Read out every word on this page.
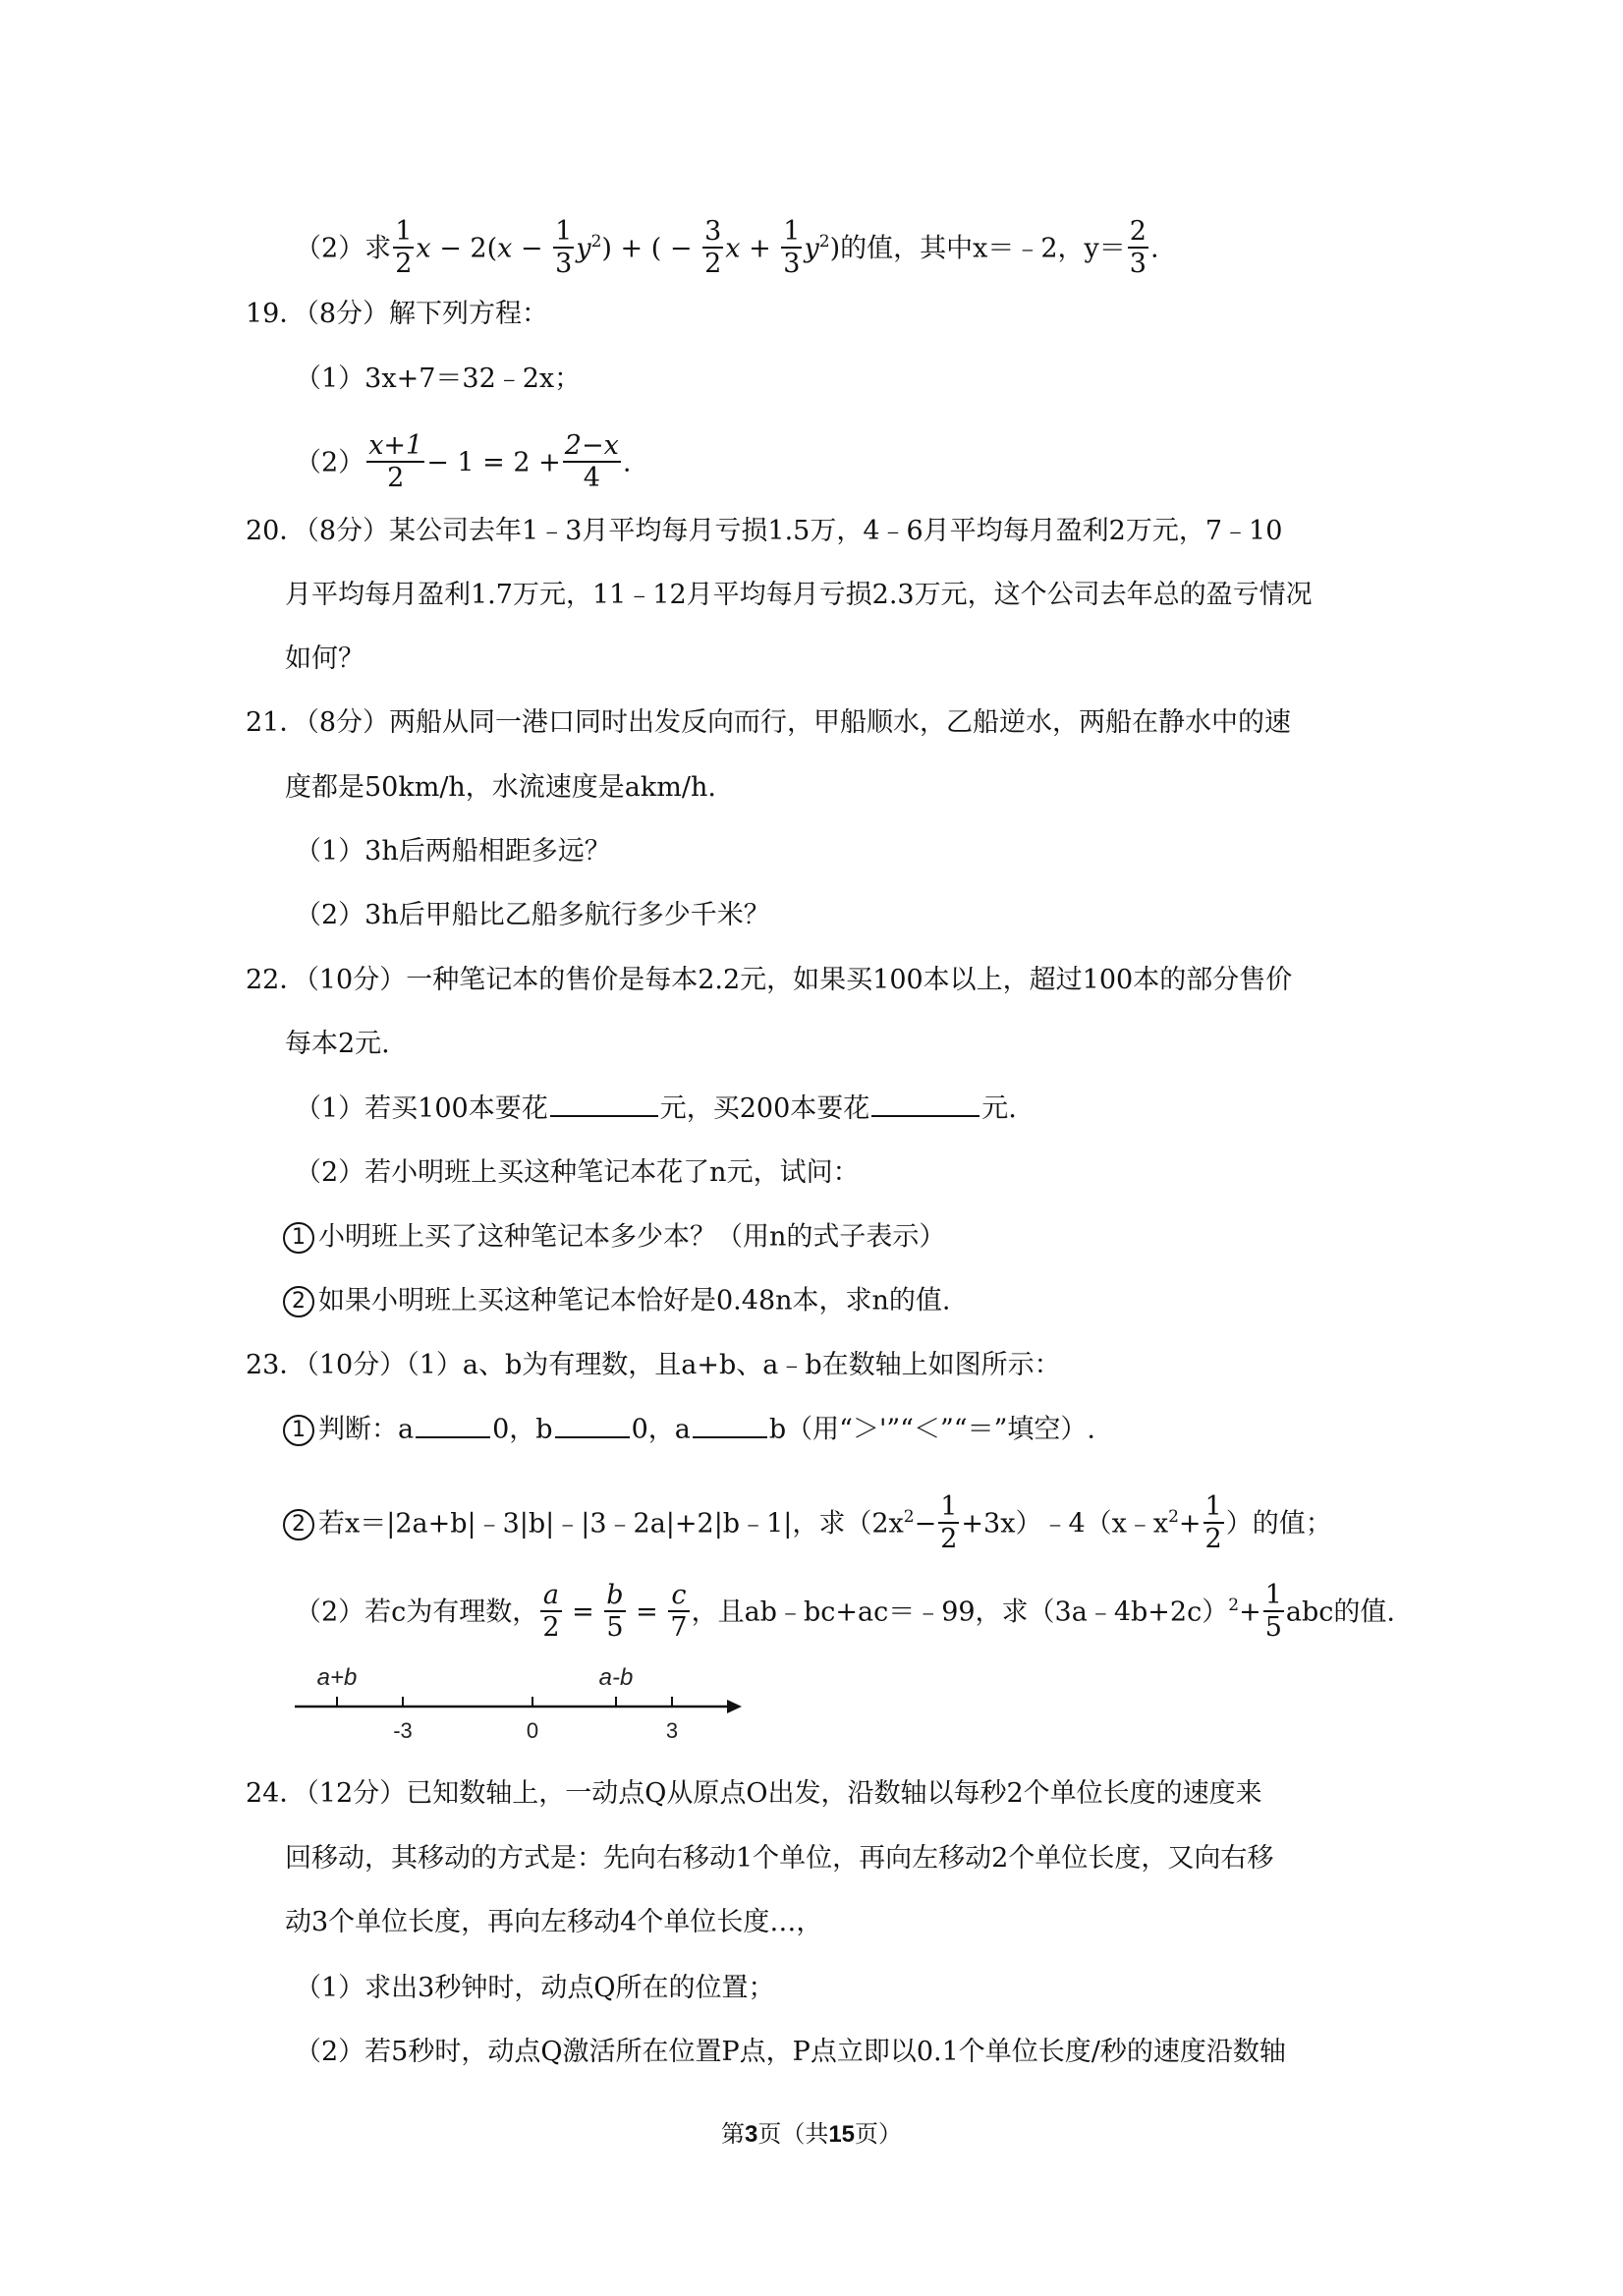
（2）求 $\frac{1}{2}$ $x - 2(x - \frac{1}{3} y^2)$ + ( − $\frac{3}{2}$ $x + \frac{1}{3} y^2$)的值，其中x＝﹣2，$y= \frac{2}{3}$ .
19．（8分）解下列方程：
（1）3x+7＝32﹣2x；
$(2) \frac{x+1}{2} - 1 = 2 + \frac{2-x}{4}$ .
20．（8分）某公司去年1﹣3月平均每月亏损1.5万，4﹣6月平均每月盈利2万元，7﹣10
月平均每月盈利1.7万元，11﹣12月平均每月亏损2.3万元，这个公司去年总的盈亏情况
如何？
21．（8分）两船从同一港口同时出发反向而行，甲船顺水，乙船逆水，两船在静水中的速
度都是50km/h，水流速度是akm/h.
（1）3h后两船相距多远？
（2）3h后甲船比乙船多航行多少千米？
22．（10分）一种笔记本的售价是每本2.2元，如果买100本以上，超过100本的部分售价
每本2元.
（1）若买100本要花	元，买200本要花	元.
（2）若小明班上买这种笔记本花了n元，试问：
1 小明班上买了这种笔记本多少本？（用n的式子表示）
2 如果小明班上买这种笔记本恰好是0.48n本，求n的值.
23．（10分）（1）a、b为有理数，且a+b、a﹣b在数轴上如图所示：
1 判断：a	0，b	0，a	b（用“＞'”“＜”“＝”填空）.
2 若x＝|2a+b|﹣3|b|﹣|3﹣2a|+2|b﹣1|，求（$2x^2- \frac{1}{2}$ $+3x)﹣4(x﹣x^2+ \frac{1}{2}$ ）的值；
（2）若c为有理数， $\frac{a}{2} = \frac{b}{5} = \frac{c}{7}$ ，且ab﹣bc+ac＝﹣99，求（3a﹣4b+2c）$^2$+ $\frac{1}{5}$ abc的值.
a+b	a-b
-3	0	3
24．（12分）已知数轴上，一动点Q从原点O出发，沿数轴以每秒2个单位长度的速度来
回移动，其移动的方式是：先向右移动1个单位，再向左移动2个单位长度，又向右移
动3个单位长度，再向左移动4个单位长度…，
（1）求出3秒钟时，动点Q所在的位置；
（2）若5秒时，动点Q激活所在位置P点，P点立即以0.1个单位长度/秒的速度沿数轴
第3页（共15页）
